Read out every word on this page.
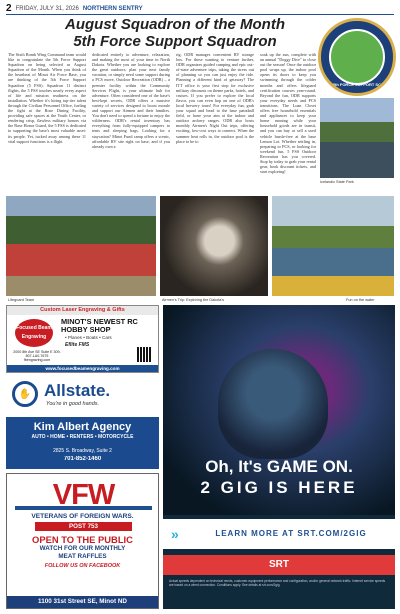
2 FRIDAY, JULY 31, 2026 NORTHERN SENTRY
August Squadron of the Month
5th Force Support Squadron
5th FORCE SUPPORT SQ
The Sixth Bomb Wing Command team would like to congratulate the 5th Force Support Squadron on being selected as August Squadron of the Month. When you think of the heartbeat of Minot Air Force Base, you are thinking of the 5th Force Support Squadron (5 FSS). Squadron 11 distinct flights, the 5 FSS touches nearly every aspect of life and mission readiness on the installation. Whether it's hiring top-tier talent through the Civilian Personnel Office, fueling the fight at the Rose Dining Facility, providing safe spaces at the Youth Center, or rendering crisp, flawless military honors via the Base Honor Guard, the 5 FSS is dedicated to supporting the base's most valuable asset: its people. Yet, tucked away among these 11 vital support functions is a flight
dedicated entirely to adventure, relaxation, and making the most of your time in North Dakota. Whether you are looking to explore the great outdoors, plan your next family vacation, or simply need some support during a PCS move, Outdoor Recreation (ODR) – a premier facility within the Community Services Flight, is your ultimate hub for adventure. Often considered one of the base's best-kept secrets, ODR offers a massive variety of services designed to boost morale and support our Airmen and their families. You don't need to spend a fortune to enjoy the wilderness. ODR's rental inventory has everything from fully-equipped campers to tents and sleeping bags. Looking for a staycation? Minot Fund camp offers a scenic, affordable RV site right on base, and if you already own a
rig, ODR manages convenient RV storage lots. For those wanting to venture further, ODR organizes guided camping and epic out-of-state adventure trips, taking the stress out of planning so you can just enjoy the ride. Planning a different kind of getaway? The ITT office is your first stop for exclusive military discounts on theme parks, hotels, and cruises. If you prefer to explore the local flavor, you can even hop on one of ODR's local brewery tours! For everyday fun, grab your squad and head to the base paintball field, or hone your aim at the indoor and outdoor archery ranges. ODR also hosts monthly Airmen's Night Out trips, offering exciting, low-cost ways to connect. When the summer heat rolls in, the outdoor pool is the place to be to
soak up the sun, complete with an annual "Doggy Dive" to close out the season! Once the outdoor pool wraps up, the indoor pool opens its doors to keep you swimming through the colder months and offers lifeguard certification courses year-round. Beyond the fun, ODR supports your everyday needs and PCS transitions. The Loan Closet offers free household essentials and appliances to keep your home running while your household goods are in transit, and you can buy or sell a used vehicle hassle-free at the base Lemon Lot. Whether settling in, preparing to PCS, or looking for weekend fun, 5 FSS Outdoor Recreation has you covered. Stop by today to grab your rental gear, book discount tickets, and start exploring!
Icelandic State Park
Lifeguard Team	Airmen's Trip: Exploring the Dakota's	Fun on the water
Custom Laser Engraving & Gifts
Focused Beam Engraving
MINOT'S NEWEST RC HOBBY SHOP
• Planes • Boats • Cars
Eflite FMS
2000 8th Ave SE Suite E 309-807-LA0-7675 fbengraving.com
www.focusedbeamengraving.com
✋ Allstate.
You're in good hands.
Kim Albert Agency
AUTO • HOME • RENTERS • MOTORCYCLE
2825 S. Broadway, Suite 2
701-852-1460
VFW
VETERANS OF FOREIGN WARS.
POST 753
OPEN TO THE PUBLIC
WATCH FOR OUR MONTHLY
MEAT RAFFLES
FOLLOW US ON FACEBOOK
1100 31st Street SE, Minot ND
Oh, It's GAME ON.
2 GIG IS HERE
LEARN MORE AT SRT.COM/2GIG
»
SRT
Actual speeds dependent on technical needs, customer-equipment performance and configuration, and/or general network traffic. Internet service speeds are based on a wired connection. Conditions apply. See details at srt.com/2gig.
